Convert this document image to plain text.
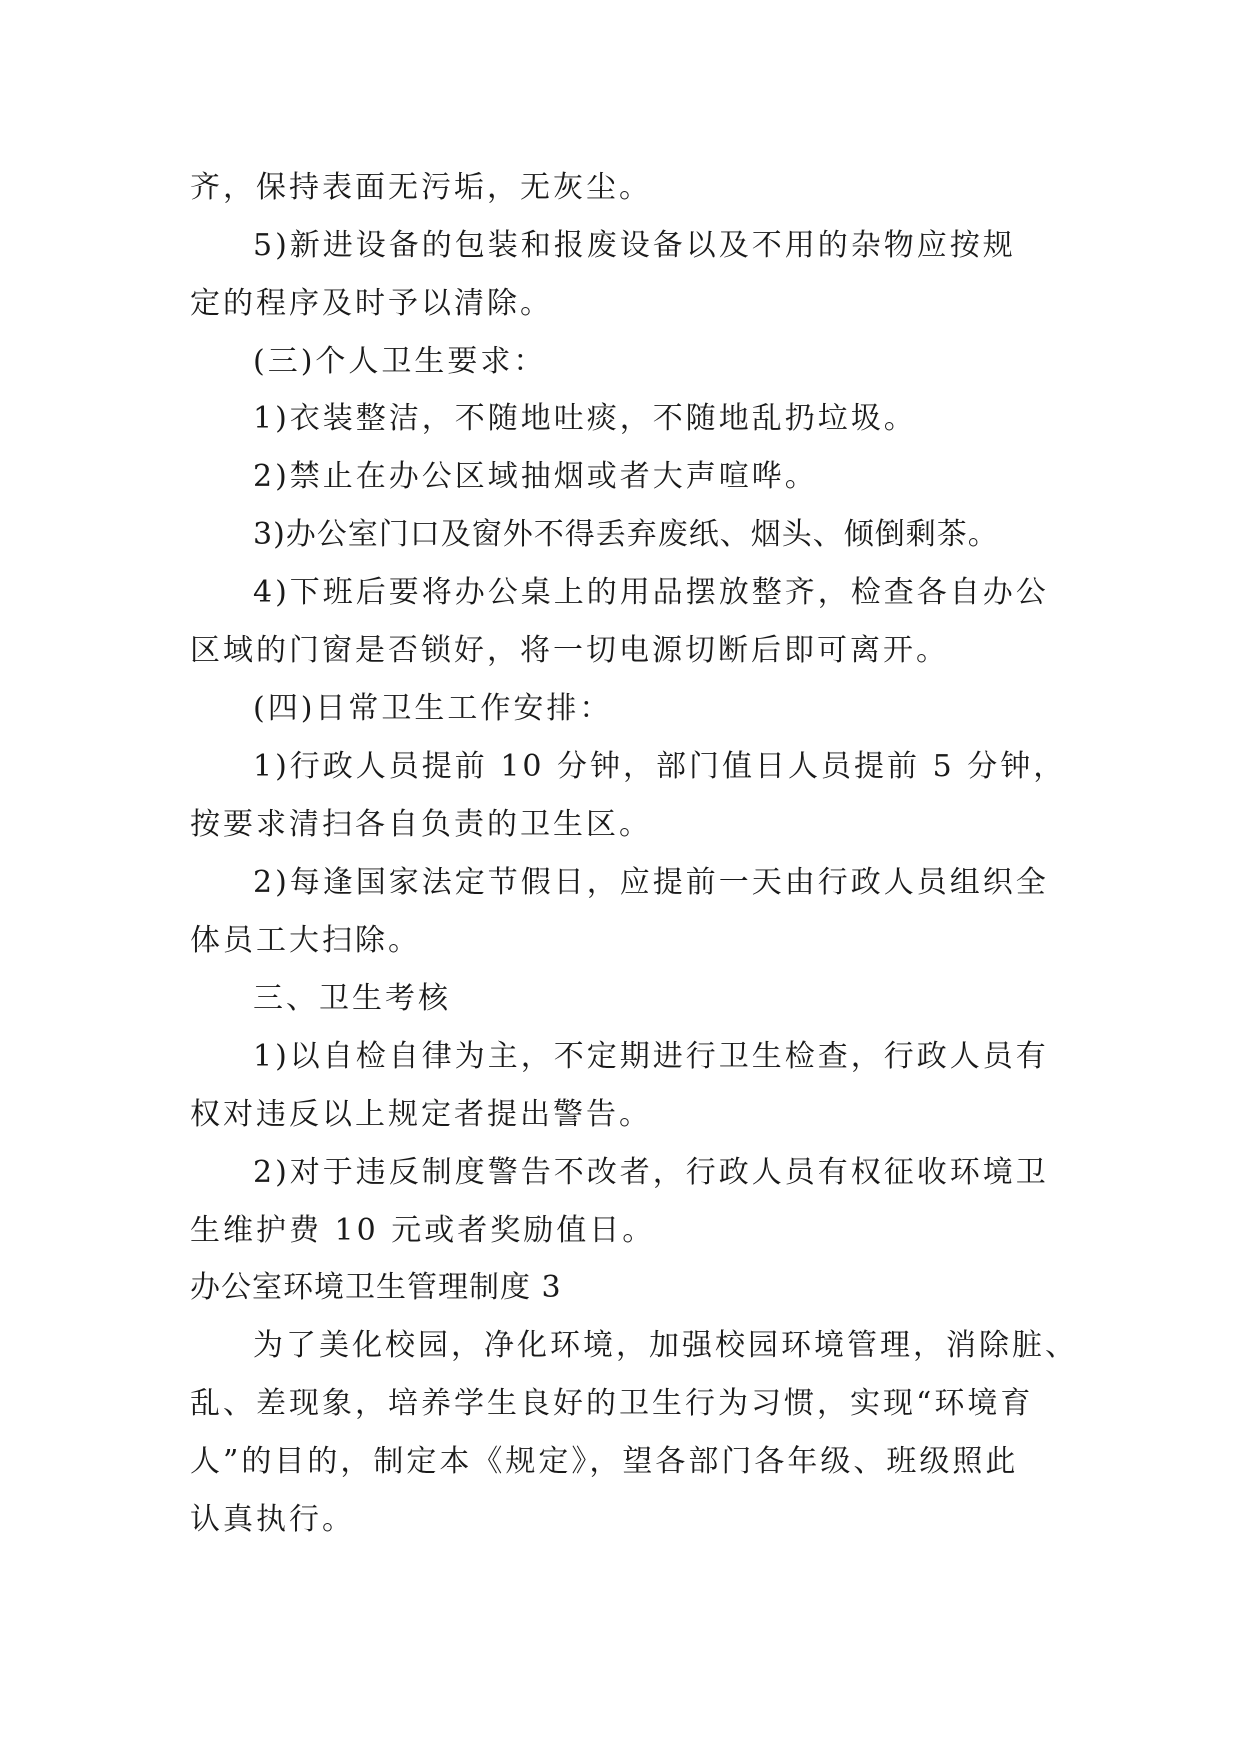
齐，保持表面无污垢，无灰尘。
5)新进设备的包装和报废设备以及不用的杂物应按规
定的程序及时予以清除。
(三)个人卫生要求：
1)衣装整洁，不随地吐痰，不随地乱扔垃圾。
2)禁止在办公区域抽烟或者大声喧哗。
3)办公室门口及窗外不得丢弃废纸、烟头、倾倒剩茶。
4)下班后要将办公桌上的用品摆放整齐，检查各自办公
区域的门窗是否锁好，将一切电源切断后即可离开。
(四)日常卫生工作安排：
1)行政人员提前 10 分钟，部门值日人员提前 5 分钟，
按要求清扫各自负责的卫生区。
2)每逢国家法定节假日，应提前一天由行政人员组织全
体员工大扫除。
三、卫生考核
1)以自检自律为主，不定期进行卫生检查，行政人员有
权对违反以上规定者提出警告。
2)对于违反制度警告不改者，行政人员有权征收环境卫
生维护费 10 元或者奖励值日。
办公室环境卫生管理制度 3
为了美化校园，净化环境，加强校园环境管理，消除脏、
乱、差现象，培养学生良好的卫生行为习惯，实现“环境育
人”的目的，制定本《规定》，望各部门各年级、班级照此
认真执行。
